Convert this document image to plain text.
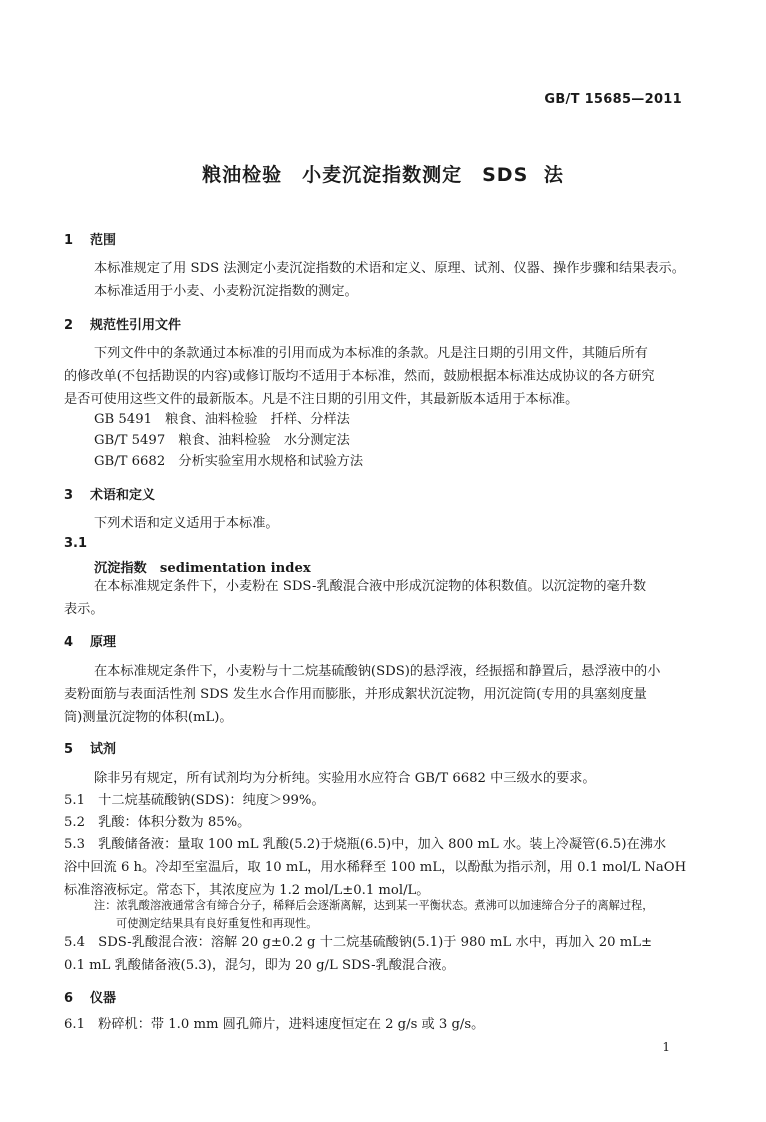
GB/T 15685—2011
粮油检验　小麦沉淀指数测定　SDS 法
1 范围
本标准规定了用 SDS 法测定小麦沉淀指数的术语和定义、原理、试剂、仪器、操作步骤和结果表示。
本标准适用于小麦、小麦粉沉淀指数的测定。
2 规范性引用文件
下列文件中的条款通过本标准的引用而成为本标准的条款。凡是注日期的引用文件，其随后所有
的修改单(不包括勘误的内容)或修订版均不适用于本标准，然而，鼓励根据本标准达成协议的各方研究
是否可使用这些文件的最新版本。凡是不注日期的引用文件，其最新版本适用于本标准。
GB 5491　粮食、油料检验　扦样、分样法
GB/T 5497　粮食、油料检验　水分测定法
GB/T 6682　分析实验室用水规格和试验方法
3 术语和定义
下列术语和定义适用于本标准。
3.1
沉淀指数　sedimentation index
在本标准规定条件下，小麦粉在 SDS-乳酸混合液中形成沉淀物的体积数值。以沉淀物的毫升数
表示。
4 原理
在本标准规定条件下，小麦粉与十二烷基硫酸钠(SDS)的悬浮液，经振摇和静置后，悬浮液中的小
麦粉面筋与表面活性剂 SDS 发生水合作用而膨胀，并形成絮状沉淀物，用沉淀筒(专用的具塞刻度量
筒)测量沉淀物的体积(mL)。
5 试剂
除非另有规定，所有试剂均为分析纯。实验用水应符合 GB/T 6682 中三级水的要求。
5.1　十二烷基硫酸钠(SDS)：纯度＞99%。
5.2　乳酸：体积分数为 85%。
5.3　乳酸储备液：量取 100 mL 乳酸(5.2)于烧瓶(6.5)中，加入 800 mL 水。装上冷凝管(6.5)在沸水
浴中回流 6 h。冷却至室温后，取 10 mL，用水稀释至 100 mL，以酚酞为指示剂，用 0.1 mol/L NaOH
标准溶液标定。常态下，其浓度应为 1.2 mol/L±0.1 mol/L。
注：浓乳酸溶液通常含有缔合分子，稀释后会逐渐离解，达到某一平衡状态。煮沸可以加速缔合分子的离解过程，
可使测定结果具有良好重复性和再现性。
5.4　SDS-乳酸混合液：溶解 20 g±0.2 g 十二烷基硫酸钠(5.1)于 980 mL 水中，再加入 20 mL±
0.1 mL 乳酸储备液(5.3)，混匀，即为 20 g/L SDS-乳酸混合液。
6 仪器
6.1　粉碎机：带 1.0 mm 圆孔筛片，进料速度恒定在 2 g/s 或 3 g/s。
1
